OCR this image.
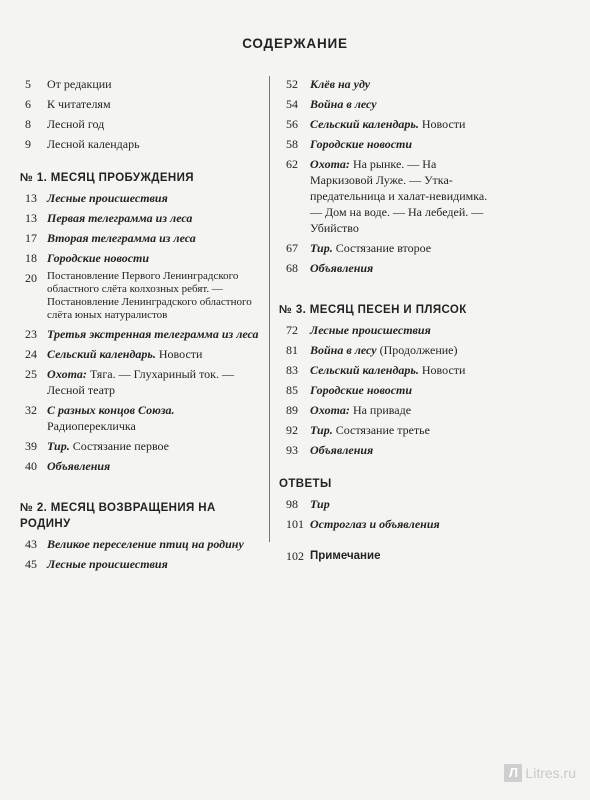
СОДЕРЖАНИЕ
5	От редакции
6	К читателям
8	Лесной год
9	Лесной календарь
№ 1. МЕСЯЦ ПРОБУЖДЕНИЯ
13 Лесные происшествия
13 Первая телеграмма из леса
17 Вторая телеграмма из леса
18 Городские новости
20 Постановление Первого Ленинградского областного слёта колхозных ребят. — Постановление Ленинградского областного слёта юных натуралистов
23 Третья экстренная телеграмма из леса
24 Сельский календарь. Новости
25 Охота: Тяга. — Глухариный ток. — Лесной театр
32 С разных концов Союза. Радиоперекличка
39 Тир. Состязание первое
40 Объявления
№ 2. МЕСЯЦ ВОЗВРАЩЕНИЯ НА РОДИНУ
43 Великое переселение птиц на родину
45 Лесные происшествия
52	Клёв на уду
54	Война в лесу
56	Сельский календарь. Новости
58	Городские новости
62	Охота: На рынке. — На Маркизовой Луже. — Утка-предательница и халат-невидимка. — Дом на воде. — На лебедей. — Убийство
67	Тир. Состязание второе
68	Объявления
№ 3. МЕСЯЦ ПЕСЕН И ПЛЯСОК
72	Лесные происшествия
81	Война в лесу (Продолжение)
83	Сельский календарь. Новости
85	Городские новости
89	Охота: На приваде
92	Тир. Состязание третье
93	Объявления
ОТВЕТЫ
98	Тир
101 Остроглаз и объявления
102 Примечание
Л Litres.ru
